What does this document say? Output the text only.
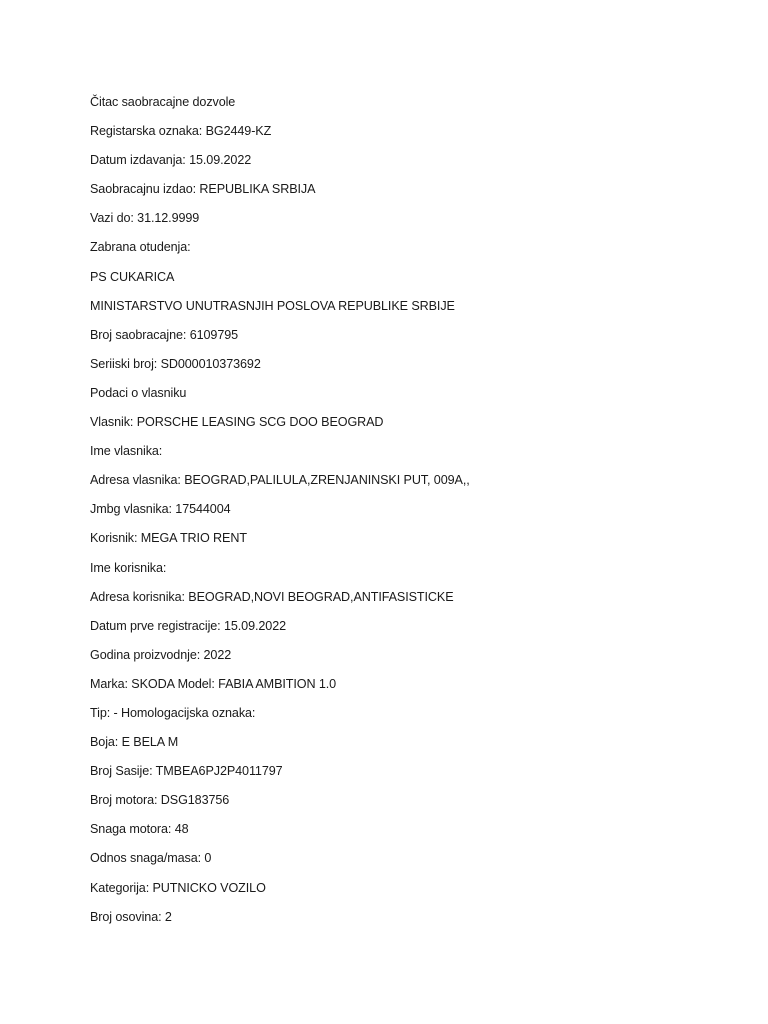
Čitac saobracajne dozvole
Registarska oznaka: BG2449-KZ
Datum izdavanja: 15.09.2022
Saobracajnu izdao: REPUBLIKA SRBIJA
Vazi do: 31.12.9999
Zabrana otudenja:
PS CUKARICA
MINISTARSTVO UNUTRASNJIH POSLOVA REPUBLIKE SRBIJE
Broj saobracajne: 6109795
Seriiski broj: SD000010373692
Podaci o vlasniku
Vlasnik: PORSCHE LEASING SCG DOO BEOGRAD
Ime vlasnika:
Adresa vlasnika: BEOGRAD,PALILULA,ZRENJANINSKI PUT, 009A,,
Jmbg vlasnika: 17544004
Korisnik: MEGA TRIO RENT
Ime korisnika:
Adresa korisnika: BEOGRAD,NOVI BEOGRAD,ANTIFASISTICKE
Datum prve registracije: 15.09.2022
Godina proizvodnje: 2022
Marka: SKODA Model: FABIA AMBITION 1.0
Tip: - Homologacijska oznaka:
Boja: E BELA M
Broj Sasije: TMBEA6PJ2P4011797
Broj motora: DSG183756
Snaga motora: 48
Odnos snaga/masa: 0
Kategorija: PUTNICKO VOZILO
Broj osovina: 2
